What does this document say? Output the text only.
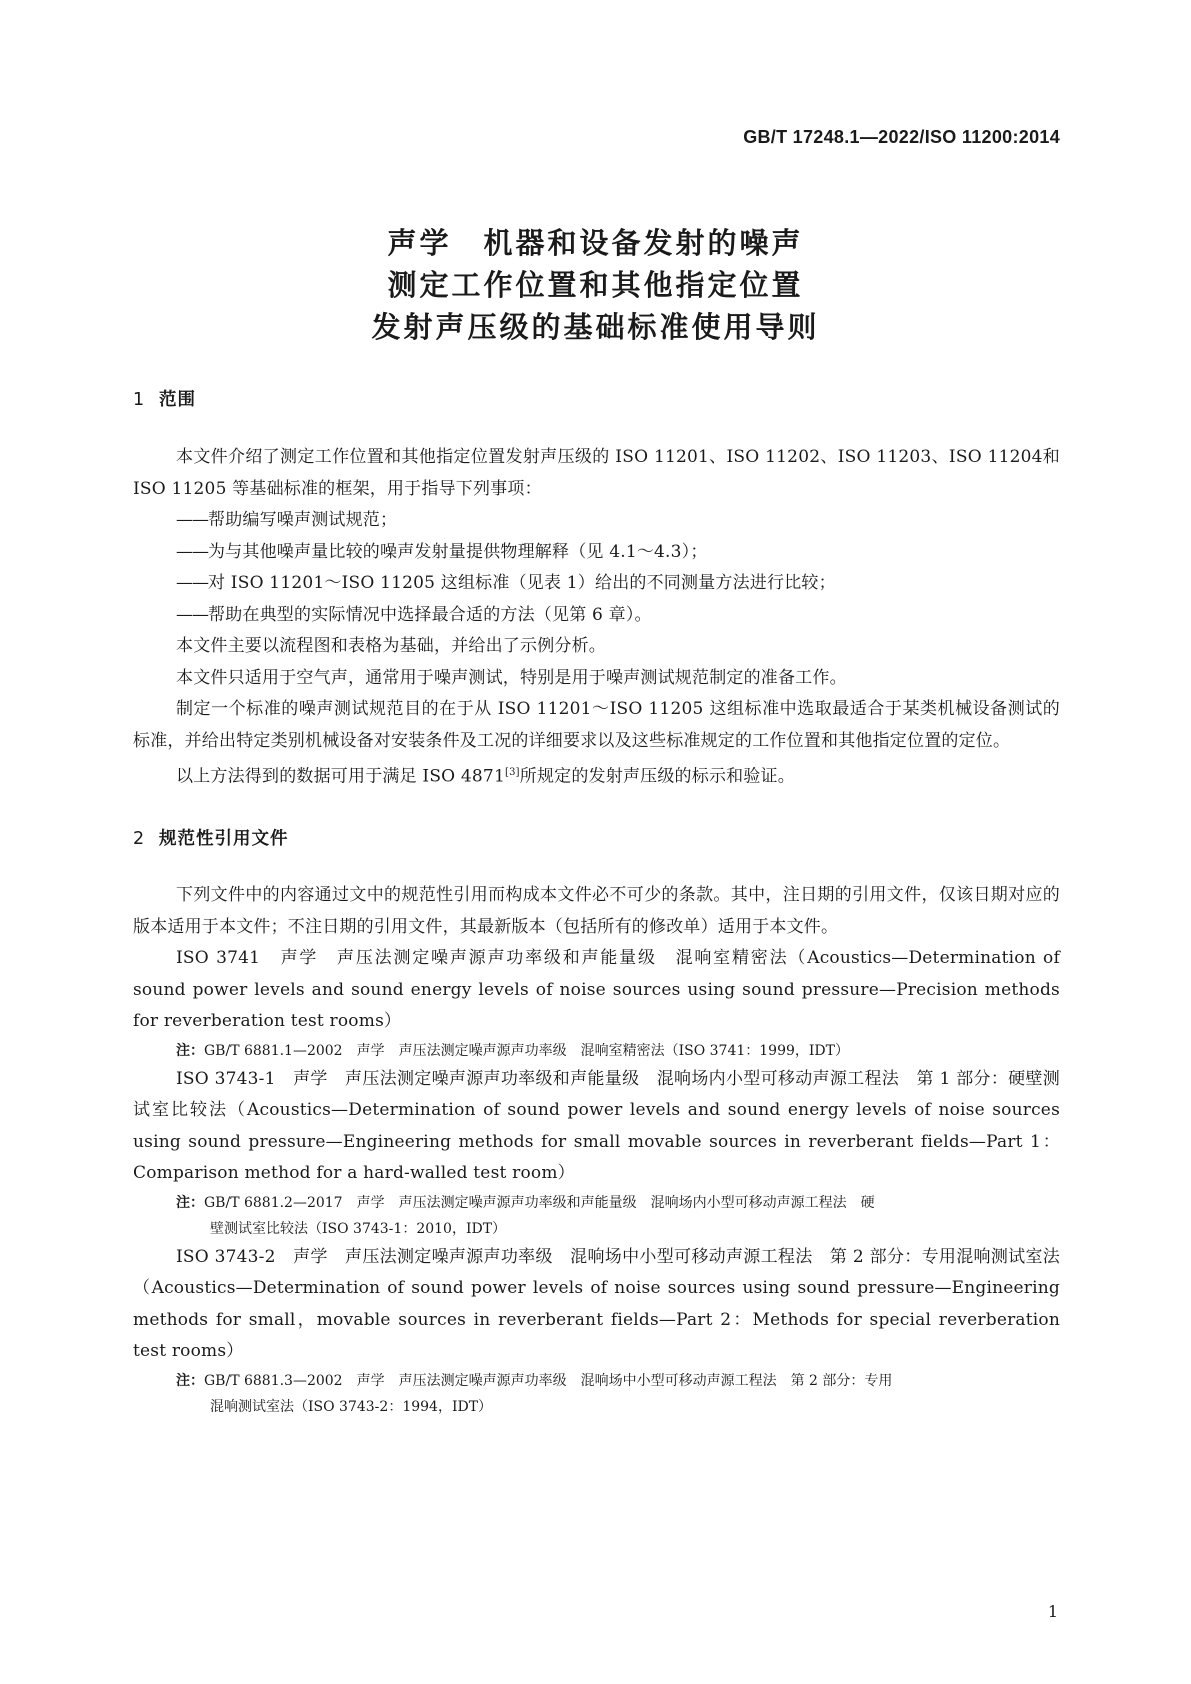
GB/T 17248.1—2022/ISO 11200:2014
声学　机器和设备发射的噪声
测定工作位置和其他指定位置
发射声压级的基础标准使用导则
1 范围
本文件介绍了测定工作位置和其他指定位置发射声压级的 ISO 11201、ISO 11202、ISO 11203、ISO 11204和 ISO 11205 等基础标准的框架，用于指导下列事项：
——帮助编写噪声测试规范；
——为与其他噪声量比较的噪声发射量提供物理解释（见 4.1～4.3）；
——对 ISO 11201～ISO 11205 这组标准（见表 1）给出的不同测量方法进行比较；
——帮助在典型的实际情况中选择最合适的方法（见第 6 章）。
本文件主要以流程图和表格为基础，并给出了示例分析。
本文件只适用于空气声，通常用于噪声测试，特别是用于噪声测试规范制定的准备工作。
制定一个标准的噪声测试规范目的在于从 ISO 11201～ISO 11205 这组标准中选取最适合于某类机械设备测试的标准，并给出特定类别机械设备对安装条件及工况的详细要求以及这些标准规定的工作位置和其他指定位置的定位。
以上方法得到的数据可用于满足 ISO 4871[3]所规定的发射声压级的标示和验证。
2 规范性引用文件
下列文件中的内容通过文中的规范性引用而构成本文件必不可少的条款。其中，注日期的引用文件，仅该日期对应的版本适用于本文件；不注日期的引用文件，其最新版本（包括所有的修改单）适用于本文件。
ISO 3741　声学　声压法测定噪声源声功率级和声能量级　混响室精密法（Acoustics—Determination of sound power levels and sound energy levels of noise sources using sound pressure—Precision methods for reverberation test rooms）
注：GB/T 6881.1—2002　声学　声压法测定噪声源声功率级　混响室精密法（ISO 3741：1999，IDT）
ISO 3743-1　声学　声压法测定噪声源声功率级和声能量级　混响场内小型可移动声源工程法　第 1 部分：硬壁测试室比较法（Acoustics—Determination of sound power levels and sound energy levels of noise sources using sound pressure—Engineering methods for small movable sources in reverberant fields—Part 1：Comparison method for a hard-walled test room）
注：GB/T 6881.2—2017　声学　声压法测定噪声源声功率级和声能量级　混响场内小型可移动声源工程法　硬
壁测试室比较法（ISO 3743-1：2010，IDT）
ISO 3743-2　声学　声压法测定噪声源声功率级　混响场中小型可移动声源工程法　第 2 部分：专用混响测试室法（Acoustics—Determination of sound power levels of noise sources using sound pressure—Engineering methods for small，movable sources in reverberant fields—Part 2：Methods for special reverberation test rooms）
注：GB/T 6881.3—2002　声学　声压法测定噪声源声功率级　混响场中小型可移动声源工程法　第 2 部分：专用
混响测试室法（ISO 3743-2：1994，IDT）
1
